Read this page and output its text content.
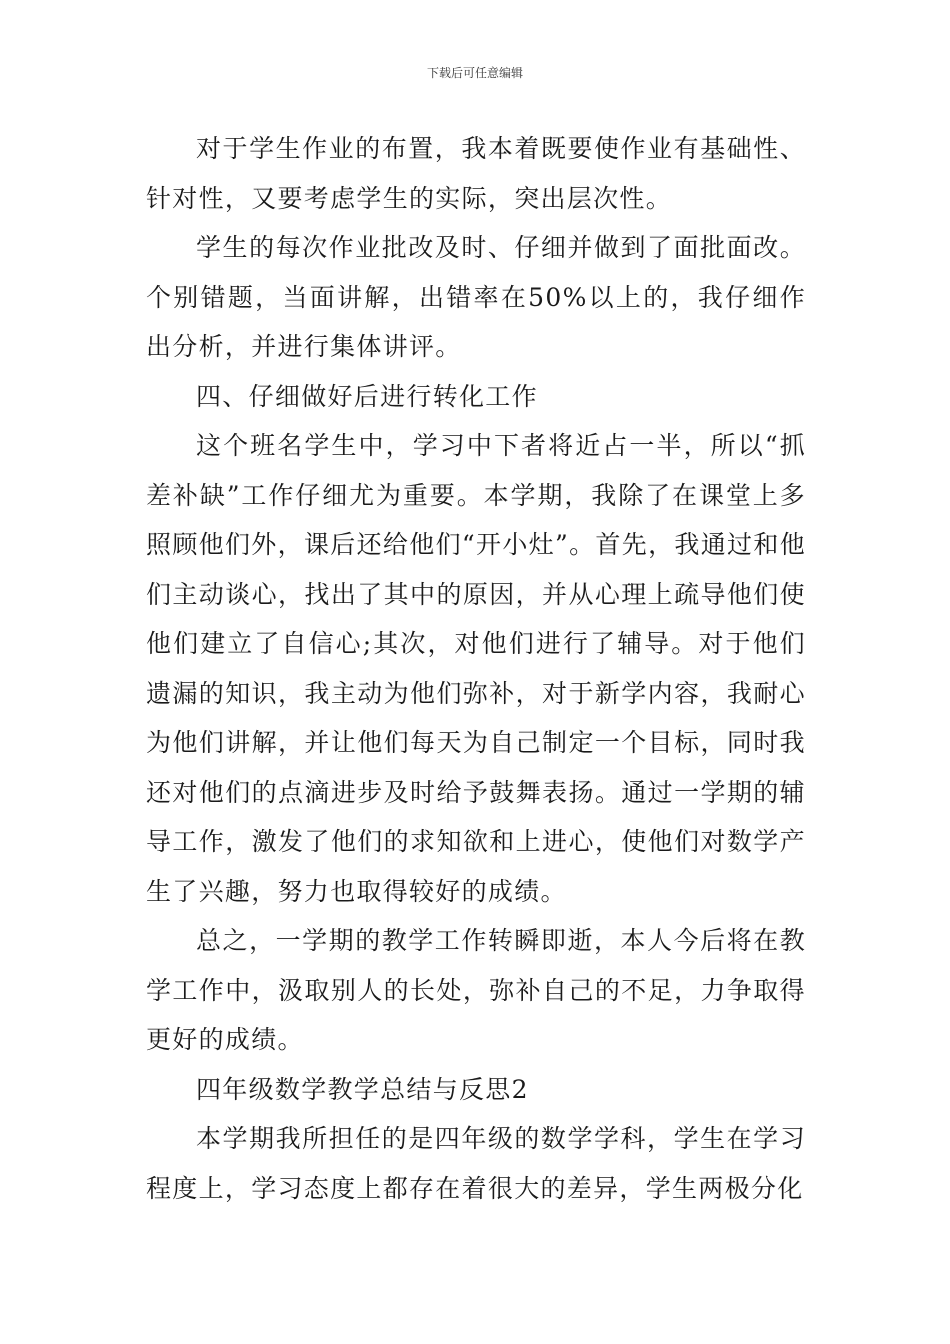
下载后可任意编辑

对于学生作业的布置，我本着既要使作业有基础性、针对性，又要考虑学生的实际，突出层次性。

学生的每次作业批改及时、仔细并做到了面批面改。个别错题，当面讲解，出错率在50%以上的，我仔细作出分析，并进行集体讲评。

四、仔细做好后进行转化工作

这个班名学生中，学习中下者将近占一半，所以“抓差补缺”工作仔细尤为重要。本学期，我除了在课堂上多照顾他们外，课后还给他们“开小灶”。首先，我通过和他们主动谈心，找出了其中的原因，并从心理上疏导他们使他们建立了自信心;其次，对他们进行了辅导。对于他们遗漏的知识，我主动为他们弥补，对于新学内容，我耐心为他们讲解，并让他们每天为自己制定一个目标，同时我还对他们的点滴进步及时给予鼓舞表扬。通过一学期的辅导工作，激发了他们的求知欲和上进心，使他们对数学产生了兴趣，努力也取得较好的成绩。

总之，一学期的教学工作转瞬即逝，本人今后将在教学工作中，汲取别人的长处，弥补自己的不足，力争取得更好的成绩。

四年级数学教学总结与反思2

本学期我所担任的是四年级的数学学科，学生在学习程度上，学习态度上都存在着很大的差异，学生两极分化
